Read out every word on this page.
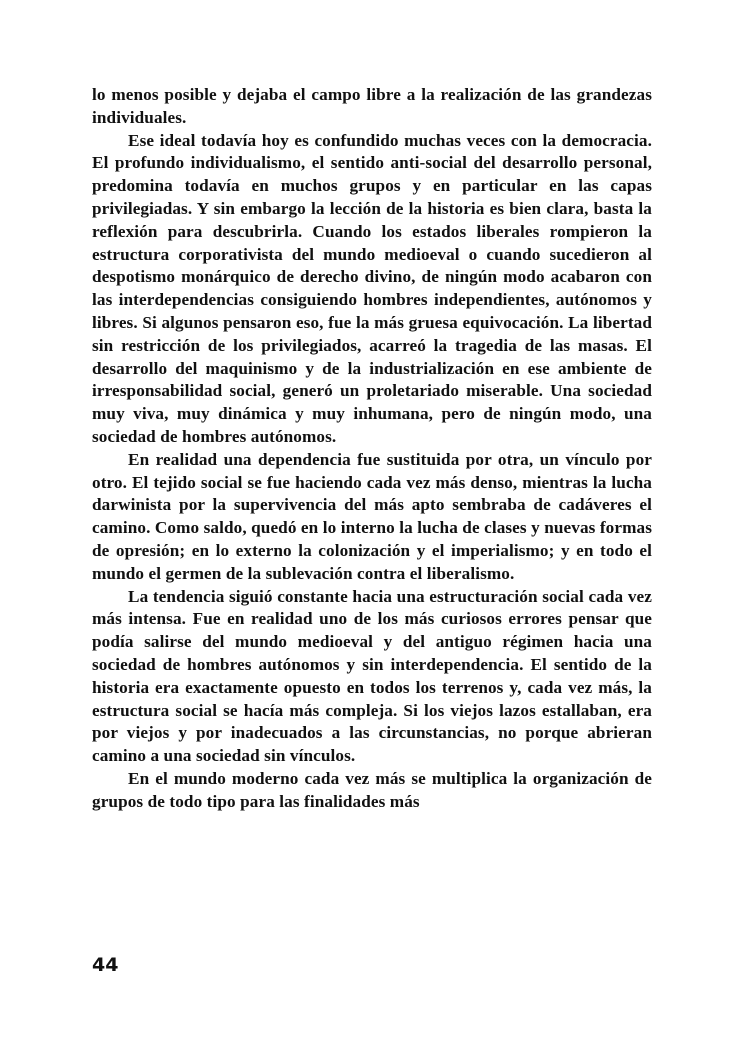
lo menos posible y dejaba el campo libre a la realización de las grandezas individuales.

Ese ideal todavía hoy es confundido muchas veces con la democracia. El profundo individualismo, el sentido anti-social del desarrollo personal, predomina todavía en muchos grupos y en particular en las capas privilegiadas. Y sin embargo la lección de la historia es bien clara, basta la reflexión para descubrirla. Cuando los estados liberales rompieron la estructura corporativista del mundo medioeval o cuando sucedieron al despotismo monárquico de derecho divino, de ningún modo acabaron con las interdependencias consiguiendo hombres independientes, autónomos y libres. Si algunos pensaron eso, fue la más gruesa equivocación. La libertad sin restricción de los privilegiados, acarreó la tragedia de las masas. El desarrollo del maquinismo y de la industrialización en ese ambiente de irresponsabilidad social, generó un proletariado miserable. Una sociedad muy viva, muy dinámica y muy inhumana, pero de ningún modo, una sociedad de hombres autónomos.

En realidad una dependencia fue sustituida por otra, un vínculo por otro. El tejido social se fue haciendo cada vez más denso, mientras la lucha darwinista por la supervivencia del más apto sembraba de cadáveres el camino. Como saldo, quedó en lo interno la lucha de clases y nuevas formas de opresión; en lo externo la colonización y el imperialismo; y en todo el mundo el germen de la sublevación contra el liberalismo.

La tendencia siguió constante hacia una estructuración social cada vez más intensa. Fue en realidad uno de los más curiosos errores pensar que podía salirse del mundo medioeval y del antiguo régimen hacia una sociedad de hombres autónomos y sin interdependencia. El sentido de la historia era exactamente opuesto en todos los terrenos y, cada vez más, la estructura social se hacía más compleja. Si los viejos lazos estallaban, era por viejos y por inadecuados a las circunstancias, no porque abrieran camino a una sociedad sin vínculos.

En el mundo moderno cada vez más se multiplica la organización de grupos de todo tipo para las finalidades más

44
